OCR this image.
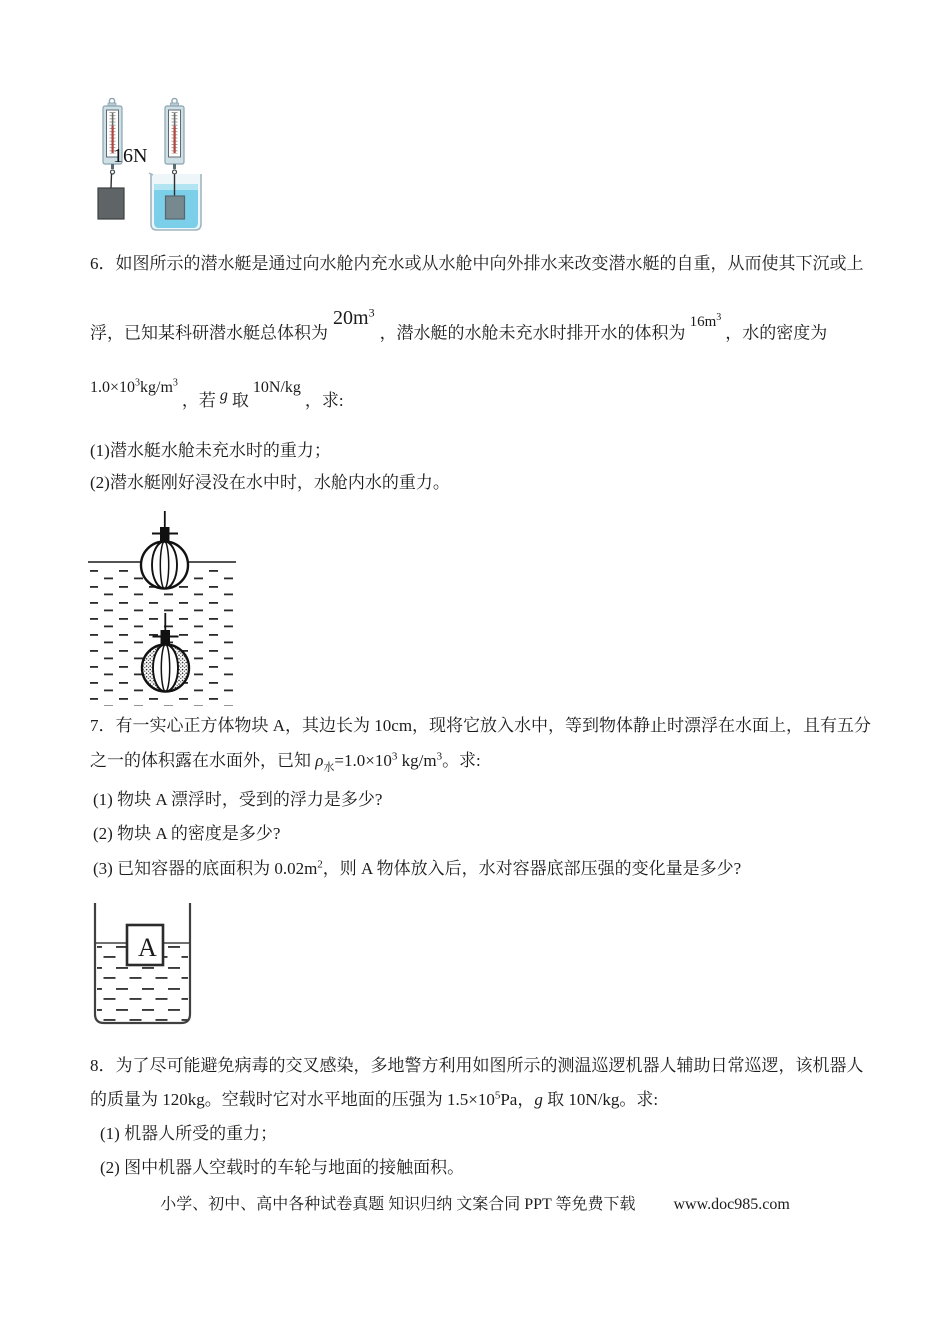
16N
6．如图所示的潜水艇是通过向水舱内充水或从水舱中向外排水来改变潜水艇的自重，从而使其下沉或上
浮，已知某科研潜水艇总体积为$20m^3$，潜水艇的水舱未充水时排开水的体积为$16m^3$，水的密度为
$1.0\times 10^3kg/m^3$，若 g 取10N/kg，求:
(1)潜水艇水舱未充水时的重力；
(2)潜水艇刚好浸没在水中时，水舱内水的重力。
7．有一实心正方体物块 A，其边长为 10cm，现将它放入水中，等到物体静止时漂浮在水面上，且有五分
之一的体积露在水面外，已知 $\rho_水=1.0\times 10^3$ $kg/m^3$。求:
(1) 物块 A 漂浮时，受到的浮力是多少?
(2) 物块 A 的密度是多少?
(3) 已知容器的底面积为 $0.02m^2$，则 A 物体放入后，水对容器底部压强的变化量是多少?
A
8．为了尽可能避免病毒的交叉感染，多地警方利用如图所示的测温巡逻机器人辅助日常巡逻，该机器人
的质量为 120kg。空载时它对水平地面的压强为 $1.5\times 10^5Pa$，g 取 10N/kg。求:
(1) 机器人所受的重力；
(2) 图中机器人空载时的车轮与地面的接触面积。
小学、初中、高中各种试卷真题 知识归纳 文案合同 PPT 等免费下载 www.doc985.com
